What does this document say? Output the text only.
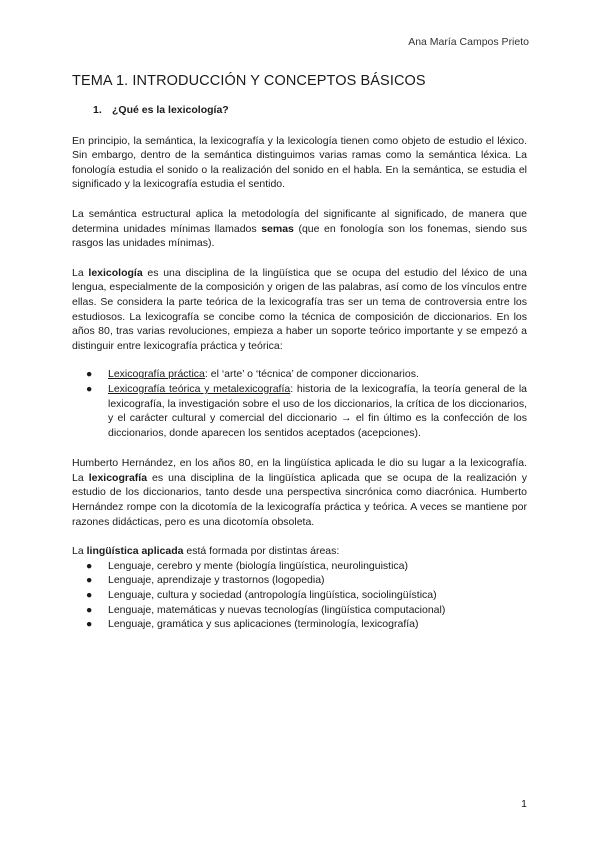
Ana María Campos Prieto
TEMA 1. INTRODUCCIÓN Y CONCEPTOS BÁSICOS
1. ¿Qué es la lexicología?

En principio, la semántica, la lexicografía y la lexicología tienen como objeto de estudio el léxico. Sin embargo, dentro de la semántica distinguimos varias ramas como la semántica léxica. La fonología estudia el sonido o la realización del sonido en el habla. En la semántica, se estudia el significado y la lexicografía estudia el sentido.

La semántica estructural aplica la metodología del significante al significado, de manera que determina unidades mínimas llamados semas (que en fonología son los fonemas, siendo sus rasgos las unidades mínimas).

La lexicología es una disciplina de la lingüística que se ocupa del estudio del léxico de una lengua, especialmente de la composición y origen de las palabras, así como de los vínculos entre ellas. Se considera la parte teórica de la lexicografía tras ser un tema de controversia entre los estudiosos. La lexicografía se concibe como la técnica de composición de diccionarios. En los años 80, tras varias revoluciones, empieza a haber un soporte teórico importante y se empezó a distinguir entre lexicografía práctica y teórica:

● Lexicografía práctica: el ‘arte’ o ‘técnica’ de componer diccionarios.
● Lexicografía teórica y metalexicografía: historia de la lexicografía, la teoría general de la lexicografía, la investigación sobre el uso de los diccionarios, la crítica de los diccionarios, y el carácter cultural y comercial del diccionario → el fin último es la confección de los diccionarios, donde aparecen los sentidos aceptados (acepciones).

Humberto Hernández, en los años 80, en la lingüística aplicada le dio su lugar a la lexicografía. La lexicografía es una disciplina de la lingüística aplicada que se ocupa de la realización y estudio de los diccionarios, tanto desde una perspectiva sincrónica como diacrónica. Humberto Hernández rompe con la dicotomía de la lexicografía práctica y teórica. A veces se mantiene por razones didácticas, pero es una dicotomía obsoleta.

La lingüística aplicada está formada por distintas áreas:

● Lenguaje, cerebro y mente (biología lingüística, neurolinguistica)
● Lenguaje, aprendizaje y trastornos (logopedia)
● Lenguaje, cultura y sociedad (antropología lingüística, sociolingüística)
● Lenguaje, matemáticas y nuevas tecnologías (lingüística computacional)
● Lenguaje, gramática y sus aplicaciones (terminología, lexicografía)
1
